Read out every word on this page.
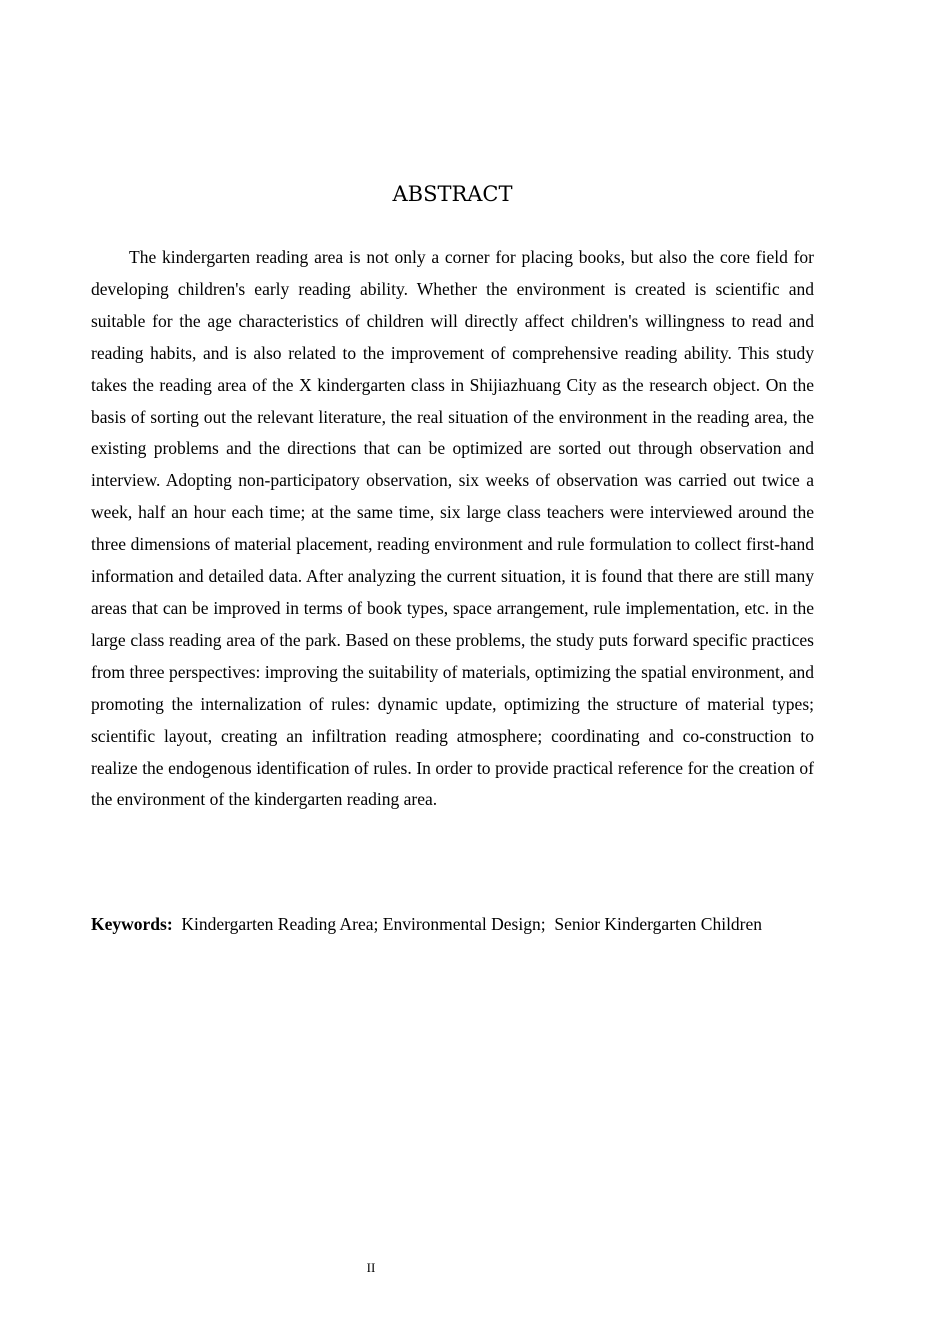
ABSTRACT

The kindergarten reading area is not only a corner for placing books, but also the core field for developing children's early reading ability. Whether the environment is created is scientific and suitable for the age characteristics of children will directly affect children's willingness to read and reading habits, and is also related to the improvement of comprehensive reading ability. This study takes the reading area of the X kindergarten class in Shijiazhuang City as the research object. On the basis of sorting out the relevant literature, the real situation of the environment in the reading area, the existing problems and the directions that can be optimized are sorted out through observation and interview. Adopting non-participatory observation, six weeks of observation was carried out twice a week, half an hour each time; at the same time, six large class teachers were interviewed around the three dimensions of material placement, reading environment and rule formulation to collect first-hand information and detailed data. After analyzing the current situation, it is found that there are still many areas that can be improved in terms of book types, space arrangement, rule implementation, etc. in the large class reading area of the park. Based on these problems, the study puts forward specific practices from three perspectives: improving the suitability of materials, optimizing the spatial environment, and promoting the internalization of rules: dynamic update, optimizing the structure of material types; scientific layout, creating an infiltration reading atmosphere; coordinating and co-construction to realize the endogenous identification of rules. In order to provide practical reference for the creation of the environment of the kindergarten reading area.

Keywords: Kindergarten Reading Area; Environmental Design; Senior Kindergarten Children

II
